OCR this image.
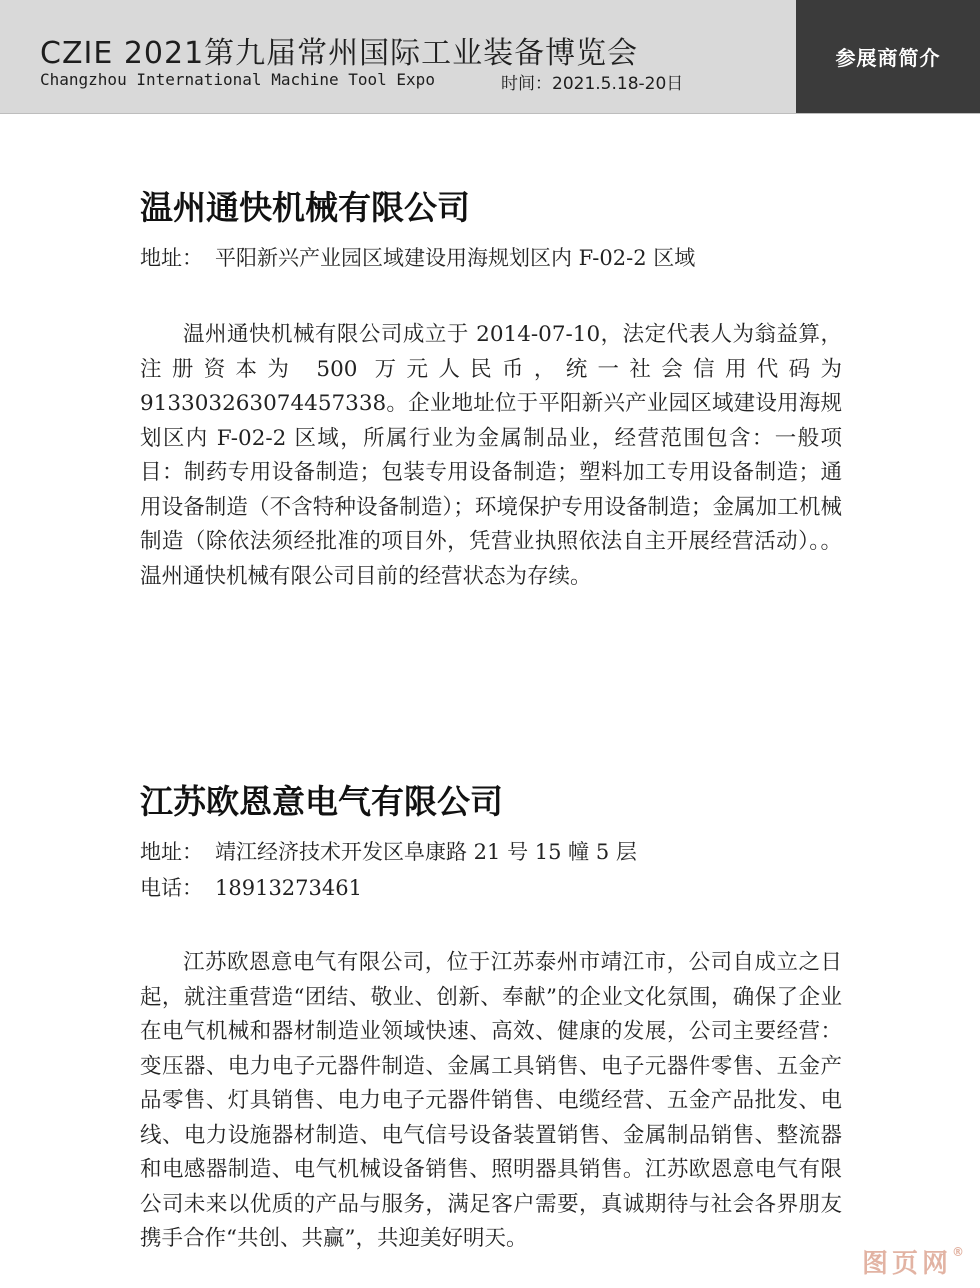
CZIE 2021第九届常州国际工业装备博览会
Changzhou International Machine Tool Expo	时间：2021.5.18-20日
参展商简介
温州通快机械有限公司
地址： 平阳新兴产业园区域建设用海规划区内 F-02-2 区域

温州通快机械有限公司成立于 2014-07-10，法定代表人为翁益算，注册资本为 500 万元人民币，统一社会信用代码为 913303263074457338。企业地址位于平阳新兴产业园区域建设用海规划区内 F-02-2 区域，所属行业为金属制品业，经营范围包含：一般项目：制药专用设备制造；包装专用设备制造；塑料加工专用设备制造；通用设备制造（不含特种设备制造）；环境保护专用设备制造；金属加工机械制造（除依法须经批准的项目外，凭营业执照依法自主开展经营活动）。。温州通快机械有限公司目前的经营状态为存续。

江苏欧恩意电气有限公司
地址： 靖江经济技术开发区阜康路 21 号 15 幢 5 层
电话： 18913273461

江苏欧恩意电气有限公司，位于江苏泰州市靖江市，公司自成立之日起，就注重营造“团结、敬业、创新、奉献”的企业文化氛围，确保了企业在电气机械和器材制造业领域快速、高效、健康的发展，公司主要经营：变压器、电力电子元器件制造、金属工具销售、电子元器件零售、五金产品零售、灯具销售、电力电子元器件销售、电缆经营、五金产品批发、电线、电力设施器材制造、电气信号设备装置销售、金属制品销售、整流器和电感器制造、电气机械设备销售、照明器具销售。江苏欧恩意电气有限公司未来以优质的产品与服务，满足客户需要，真诚期待与社会各界朋友携手合作“共创、共赢”，共迎美好明天。

图页网®
